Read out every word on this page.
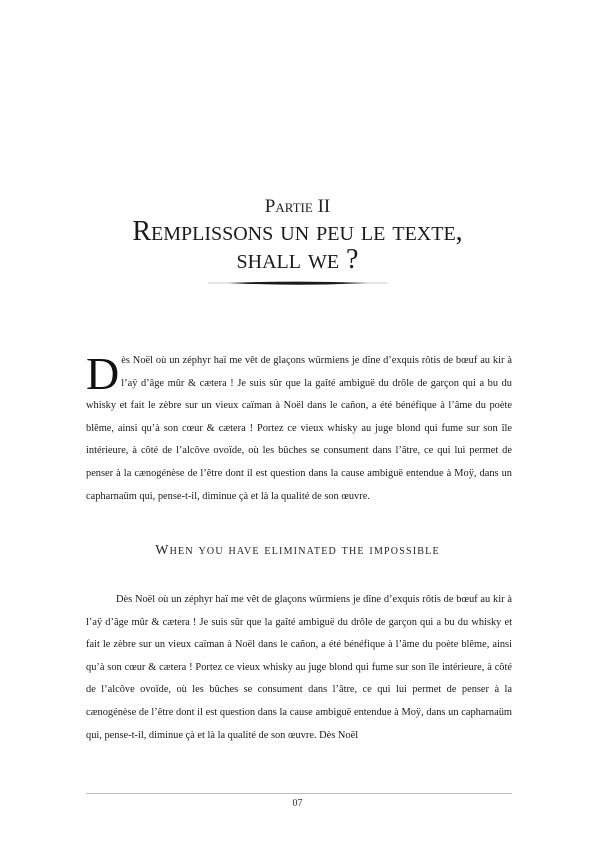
Partie II
Remplissons un peu le texte,
shall we ?

Dès Noël où un zéphyr haï me vêt de glaçons würmiens je dîne d’exquis rôtis de bœuf au kir à l’aÿ d’âge mûr & cætera ! Je suis sûr que la gaîté ambiguë du drôle de garçon qui a bu du whisky et fait le zèbre sur un vieux caïman à Noël dans le cañon, a été bénéfique à l’âme du poète blême, ainsi qu’à son cœur & cætera ! Portez ce vieux whisky au juge blond qui fume sur son île intérieure, à côté de l’alcôve ovoïde, où les bûches se consument dans l’âtre, ce qui lui permet de penser à la cænogénèse de l’être dont il est question dans la cause ambiguë entendue à Moÿ, dans un capharnaüm qui, pense-t-il, diminue çà et là la qualité de son œuvre.

When you have eliminated the impossible

Dès Noël où un zéphyr haï me vêt de glaçons würmiens je dîne d’exquis rôtis de bœuf au kir à l’aÿ d’âge mûr & cætera ! Je suis sûr que la gaîté ambiguë du drôle de garçon qui a bu du whisky et fait le zèbre sur un vieux caïman à Noël dans le cañon, a été bénéfique à l’âme du poète blême, ainsi qu’à son cœur & cætera ! Portez ce vieux whisky au juge blond qui fume sur son île intérieure, à côté de l’alcôve ovoïde, où les bûches se consument dans l’âtre, ce qui lui permet de penser à la cænogénèse de l’être dont il est question dans la cause ambiguë entendue à Moÿ, dans un capharnaüm qui, pense-t-il, diminue çà et là la qualité de son œuvre. Dès Noël

07
